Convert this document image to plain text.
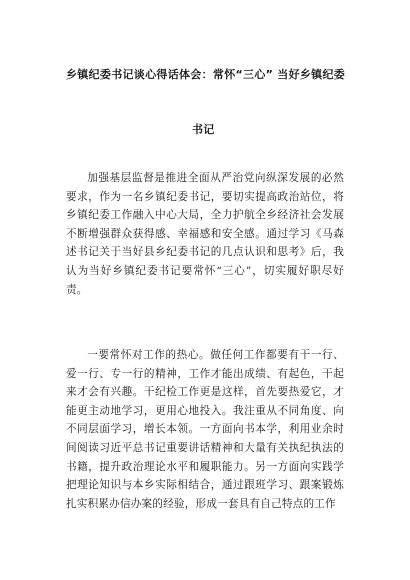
乡镇纪委书记谈心得话体会：常怀“三心” 当好乡镇纪委
书记

加强基层监督是推进全面从严治党向纵深发展的必然要求，作为一名乡镇纪委书记，要切实提高政治站位，将乡镇纪委工作融入中心大局，全力护航全乡经济社会发展不断增强群众获得感、幸福感和安全感。通过学习《马森述书记关于当好县乡纪委书记的几点认识和思考》后，我认为当好乡镇纪委书记要常怀“三心”，切实履好职尽好责。

一要常怀对工作的热心。做任何工作都要有干一行、爱一行、专一行的精神，工作才能出成绩、有起色，干起来才会有兴趣。干纪检工作更是这样，首先要热爱它，才能更主动地学习，更用心地投入。我注重从不同角度、向不同层面学习，增长本领。一方面向书本学，利用业余时间阅读习近平总书记重要讲话精神和大量有关执纪执法的书籍，提升政治理论水平和履职能力。另一方面向实践学把理论知识与本乡实际相结合，通过跟班学习、跟案锻炼扎实积累办信办案的经验，形成一套具有自己特点的工作
